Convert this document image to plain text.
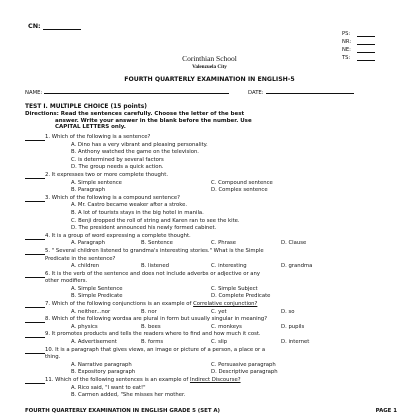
CN:
PS:
NR:
NE:
TS:
Corinthian School
Valenzuela City
FOURTH QUARTERLY EXAMINATION IN ENGLISH-5
NAME:	DATE:
TEST I. MULTIPLE CHOICE (15 points)
Directions: Read the sentences carefully. Choose the letter of the best
answer. Write your answer in the blank before the number. Use
CAPITAL LETTERS only.
1. Which of the following is a sentence?
A. Dino has a very vibrant and pleasing personality.
B. Anthony watched the game on the television.
C. is determined by several factors
D. The group needs a quick action.
2. It expresses two or more complete thought.
A. Simple sentence	C. Compound sentence
B. Paragraph	D. Complex sentence
3. Which of the following is a compound sentence?
A. Mr. Castro became weaker after a stroke.
B. A lot of tourists stays in the big hotel in manila.
C. Benji dropped the roll of string and Karen ran to see the kite.
D. The president announced his newly formed cabinet.
4. It is a group of word expressing a complete thought.
A. Paragraph	B. Sentence	C. Phrase	D. Clause
5. " Several children listened to grandma's interesting stories." What is the Simple
Predicate in the sentence?
A. children	B. listened	C. interesting	D. grandma
6. It is the verb of the sentence and does not include adverbs or adjective or any
other modifiers.
A. Simple Sentence	C. Simple Subject
B. Simple Predicate	D. Complete Predicate
7. Which of the following conjunctions is an example of Correlative conjunction?
A. neither...nor	B. nor	C. yet	D. so
8. Which of the following wordsa are plural in form but usually singular in meaning?
A. physics	B. bees	C. monkeys	D. pupils
9. It promotes products and tells the readers where to find and how much it cost.
A. Advertisement	B. forms	C. slip	D. internet
10. It is a paragraph that gives views, an image or picture of a person, a place or a
thing.
A. Narrative paragraph	C. Persuasive paragraph
B. Expository paragraph	D. Descriptive paragraph
11. Which of the following sentences is an example of Indirect Discourse?
A. Rico said, "I want to eat!"
B. Carmen added, "She misses her mother.
FOURTH QUARTERLY EXAMINATION IN ENGLISH GRADE 5 (SET A)	PAGE 1
